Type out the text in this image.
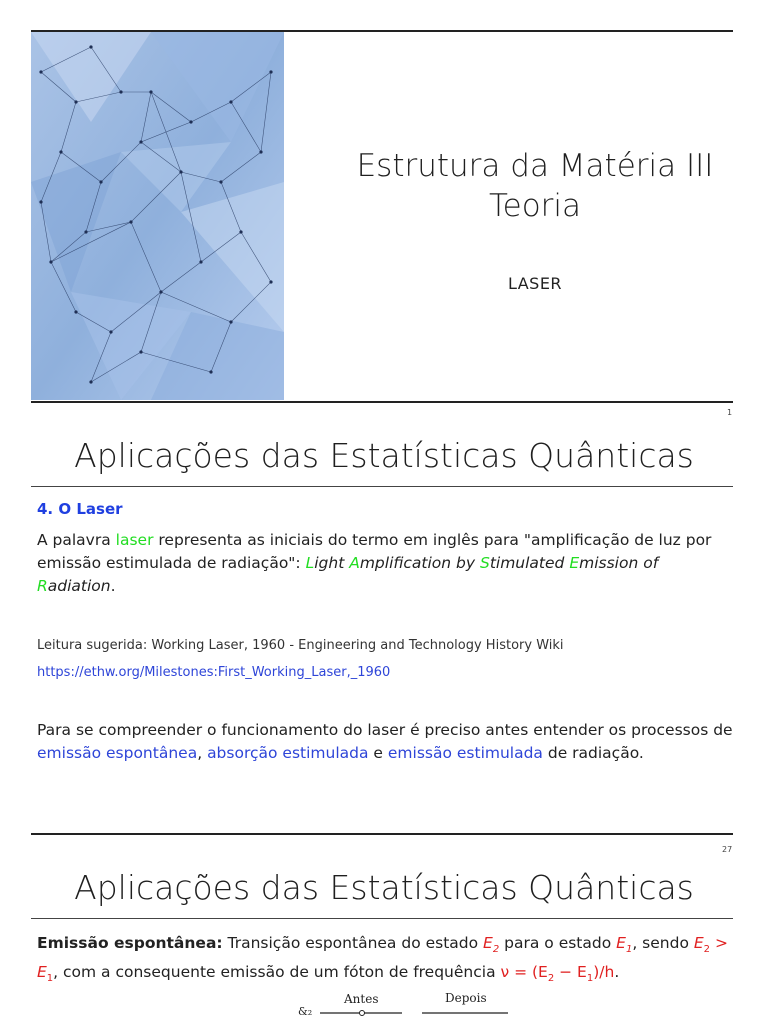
Estrutura da Matéria III
Teoria
LASER
1
Aplicações das Estatísticas Quânticas
4. O Laser
A palavra laser representa as iniciais do termo em inglês para "amplificação de luz por emissão estimulada de radiação": Light Amplification by Stimulated Emission of Radiation.
Leitura sugerida: Working Laser, 1960 - Engineering and Technology History Wiki
https://ethw.org/Milestones:First_Working_Laser,_1960
Para se compreender o funcionamento do laser é preciso antes entender os processos de emissão espontânea, absorção estimulada e emissão estimulada de radiação.
27
Aplicações das Estatísticas Quânticas
Emissão espontânea: Transição espontânea do estado $E_2$ para o estado $E_1$, sendo $E_2 > E_1$, com a consequente emissão de um fóton de frequência $\nu = (E_2 - E_1)/h$.
&₂
Antes	Depois
